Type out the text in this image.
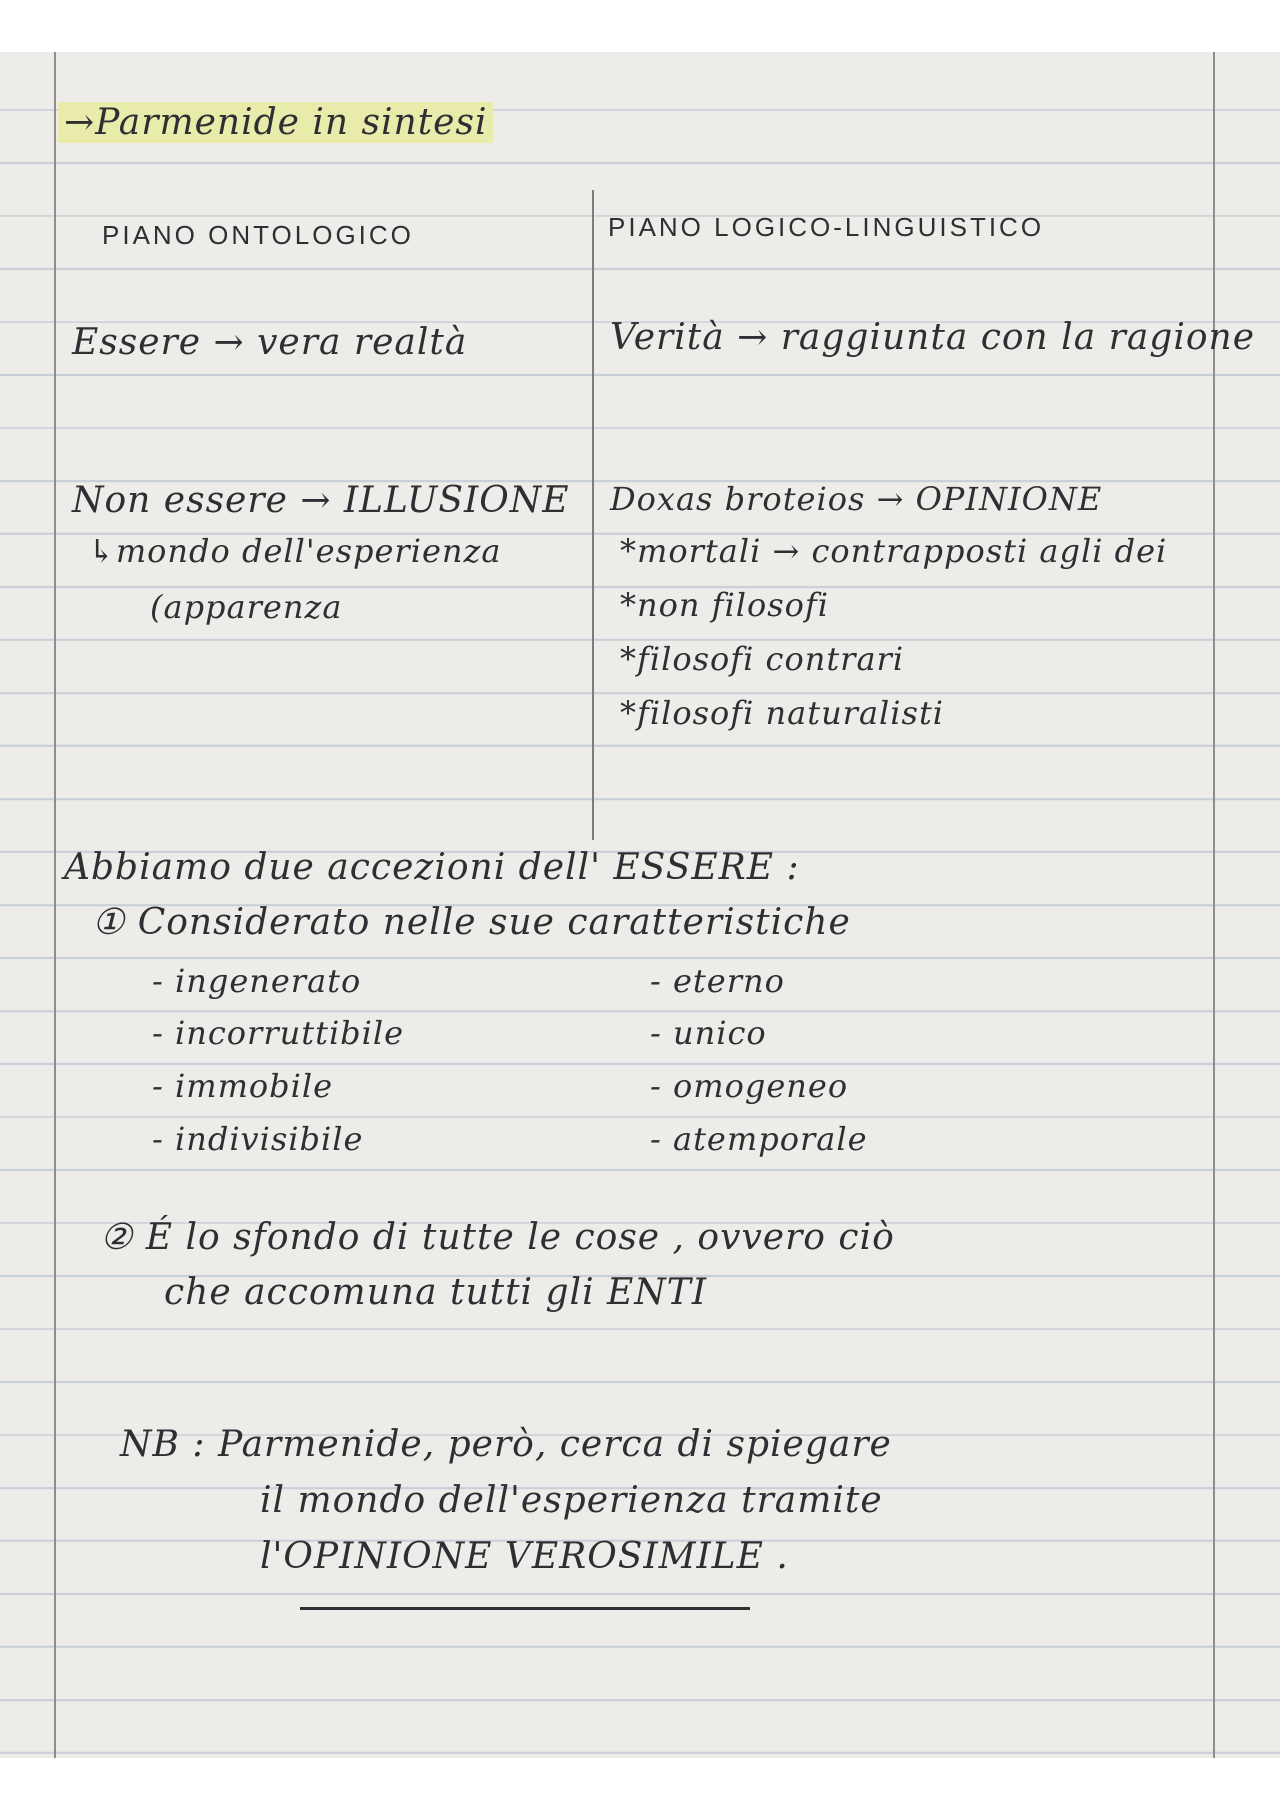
→Parmenide in sintesi
PIANO ONTOLOGICO	PIANO LOGICO-LINGUISTICO
Essere → vera realtà	Verità → raggiunta con la ragione
Non essere → ILLUSIONE
↳mondo dell'esperienza
(apparenza
Doxas broteios → OPINIONE
*mortali → contrapposti agli dei
*non filosofi
*filosofi contrari
*filosofi naturalisti
Abbiamo due accezioni dell' ESSERE :
① Considerato nelle sue caratteristiche
- ingenerato
- incorruttibile
- immobile
- indivisibile
- eterno
- unico
- omogeneo
- atemporale
② É lo sfondo di tutte le cose , ovvero ciò
che accomuna tutti gli ENTI
NB : Parmenide, però, cerca di spiegare
il mondo dell'esperienza tramite
l'OPINIONE VEROSIMILE .
